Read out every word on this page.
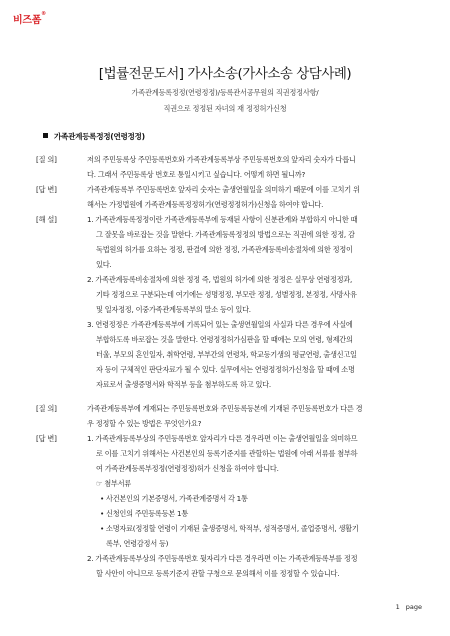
비즈폼®
[법률전문도서] 가사소송(가사소송 상담사례)
가족관계등록정정(연령정정)/등록관서공무원의 직권정정사항/
직권으로 정정된 자녀의 재 정정허가신청
가족관계등록정정(연령정정)
[질 의]	저의 주민등록상 주민등록번호와 가족관계등록부상 주민등록번호의 앞자리 숫자가 다릅니
다. 그래서 주민등록상 번호로 통일시키고 싶습니다. 어떻게 하면 될니까?
[답 변]	가족관계등록부 주민등록번호 앞자리 숫자는 출생연월일을 의미하기 때문에 이를 고치기 위
해서는 가정법원에 가족관계등록정정허가(연령정정허가)신청을 하여야 합니다.
[해 설]	1. 가족관계등록정정이란 가족관계등록부에 등재된 사항이 신분관계와 부합하지 아니한 때
그 잘못을 바로잡는 것을 말한다. 가족관계등록정정의 방법으로는 직권에 의한 정정, 감
독법원의 허가를 요하는 정정, 판결에 의한 정정, 가족관계등록비송절차에 의한 정정이
있다.
2. 가족관계등록비송절차에 의한 정정 즉, 법원의 허가에 의한 정정은 실무상 연령정정과,
기타 정정으로 구분되는데 여기에는 성명정정, 부모란 정정, 성별정정, 본정정, 사망사유
및 일자정정, 이중가족관계등록부의 말소 등이 있다.
3. 연령정정은 가족관계등록부에 기록되어 있는 출생연월일의 사실과 다른 경우에 사실에
부합하도록 바로잡는 것을 말한다. 연령정정허가심판을 할 때에는 모의 연령, 형제간의
터울, 부모의 혼인일자, 취학연령, 부부간의 연령차, 학교등기생의 평균연령, 출생신고일
자 등이 구체적인 판단자료가 될 수 있다. 실무에서는 연령정정허가신청을 할 때에 소명
자료로서 출생증명서와 학적부 등을 첨부하도록 하고 있다.
[질 의]	가족관계등록부에 게재되는 주민등록번호와 주민등록등본에 기재된 주민등록번호가 다른 경
우 정정할 수 있는 방법은 무엇인가요?
[답 변]	1. 가족관계등록부상의 주민등록번호 앞자리가 다른 경우라면 이는 출생연월일을 의미하므
로 이를 고치기 위해서는 사건본인의 등록기준지를 관할하는 법원에 아래 서류를 첨부하
여 가족관계등록부정정(연령정정)허가 신청을 하여야 합니다.
☞ 첨부서류
• 사건본인의 기본증명서, 가족관계증명서 각 1통
• 신청인의 주민등록등본 1통
• 소명자료(정정할 연령이 기재된 출생증명서, 학적부, 성적증명서, 졸업증명서, 생활기
록부, 연령감정서 등)
2. 가족관계등록부상의 주민등록번호 뒷자리가 다른 경우라면 이는 가족관계등록부를 정정
할 사안이 아니므로 등록기준지 관할 구청으로 문의해서 이를 정정할 수 있습니다.
1 page
